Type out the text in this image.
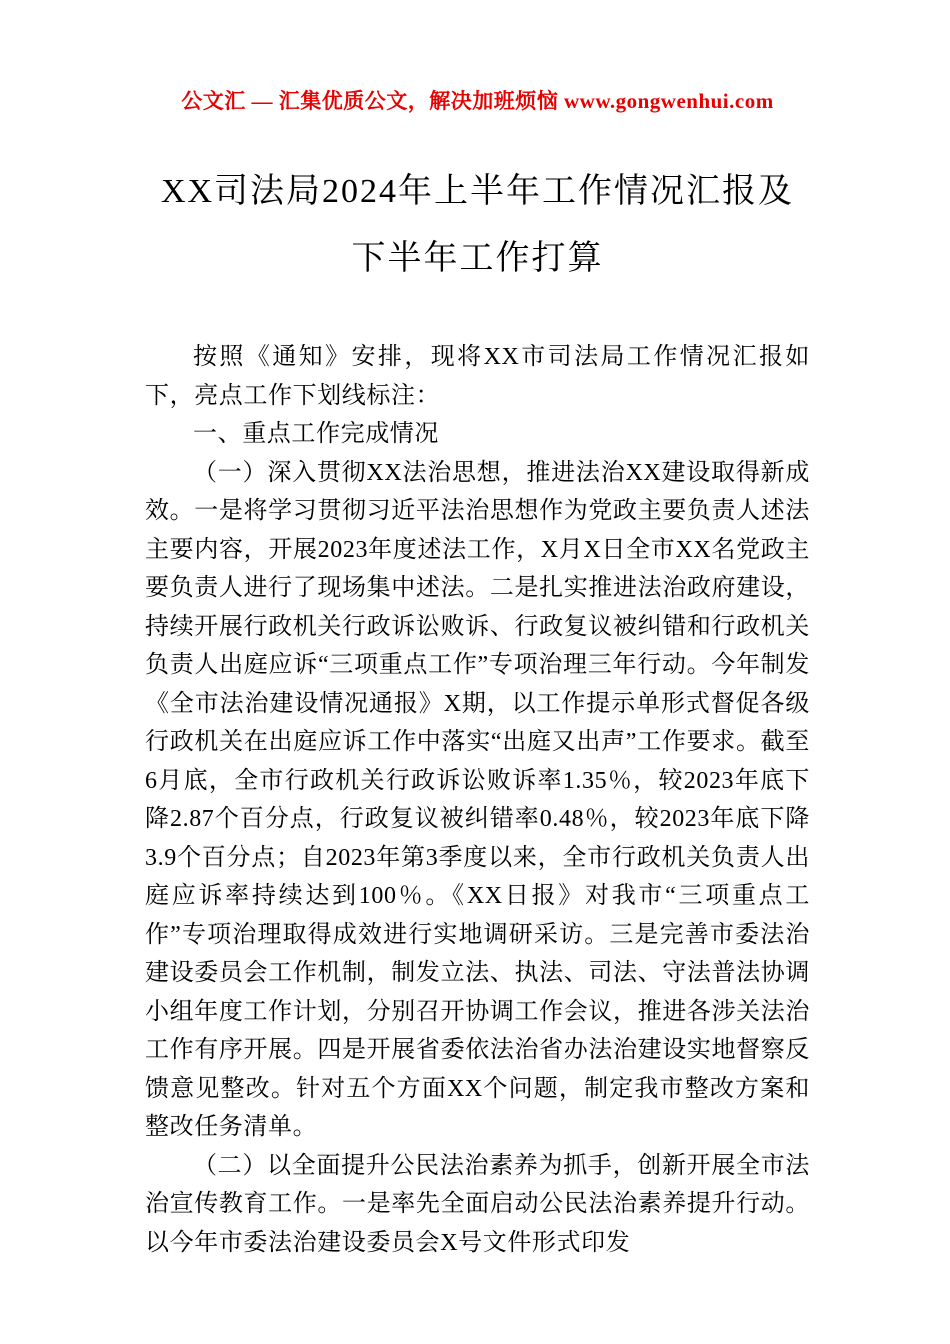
公文汇 — 汇集优质公文，解决加班烦恼 www.gongwenhui.com
XX司法局2024年上半年工作情况汇报及下半年工作打算

按照《通知》安排，现将XX市司法局工作情况汇报如下，亮点工作下划线标注：

一、重点工作完成情况

（一）深入贯彻XX法治思想，推进法治XX建设取得新成效。一是将学习贯彻习近平法治思想作为党政主要负责人述法主要内容，开展2023年度述法工作，X月X日全市XX名党政主要负责人进行了现场集中述法。二是扎实推进法治政府建设，持续开展行政机关行政诉讼败诉、行政复议被纠错和行政机关负责人出庭应诉“三项重点工作”专项治理三年行动。今年制发《全市法治建设情况通报》X期，以工作提示单形式督促各级行政机关在出庭应诉工作中落实“出庭又出声”工作要求。截至6月底，全市行政机关行政诉讼败诉率1.35％，较2023年底下降2.87个百分点，行政复议被纠错率0.48％，较2023年底下降3.9个百分点；自2023年第3季度以来，全市行政机关负责人出庭应诉率持续达到100％。《XX日报》对我市“三项重点工作”专项治理取得成效进行实地调研采访。三是完善市委法治建设委员会工作机制，制发立法、执法、司法、守法普法协调小组年度工作计划，分别召开协调工作会议，推进各涉关法治工作有序开展。四是开展省委依法治省办法治建设实地督察反馈意见整改。针对五个方面XX个问题，制定我市整改方案和整改任务清单。

（二）以全面提升公民法治素养为抓手，创新开展全市法治宣传教育工作。一是率先全面启动公民法治素养提升行动。以今年市委法治建设委员会X号文件形式印发
